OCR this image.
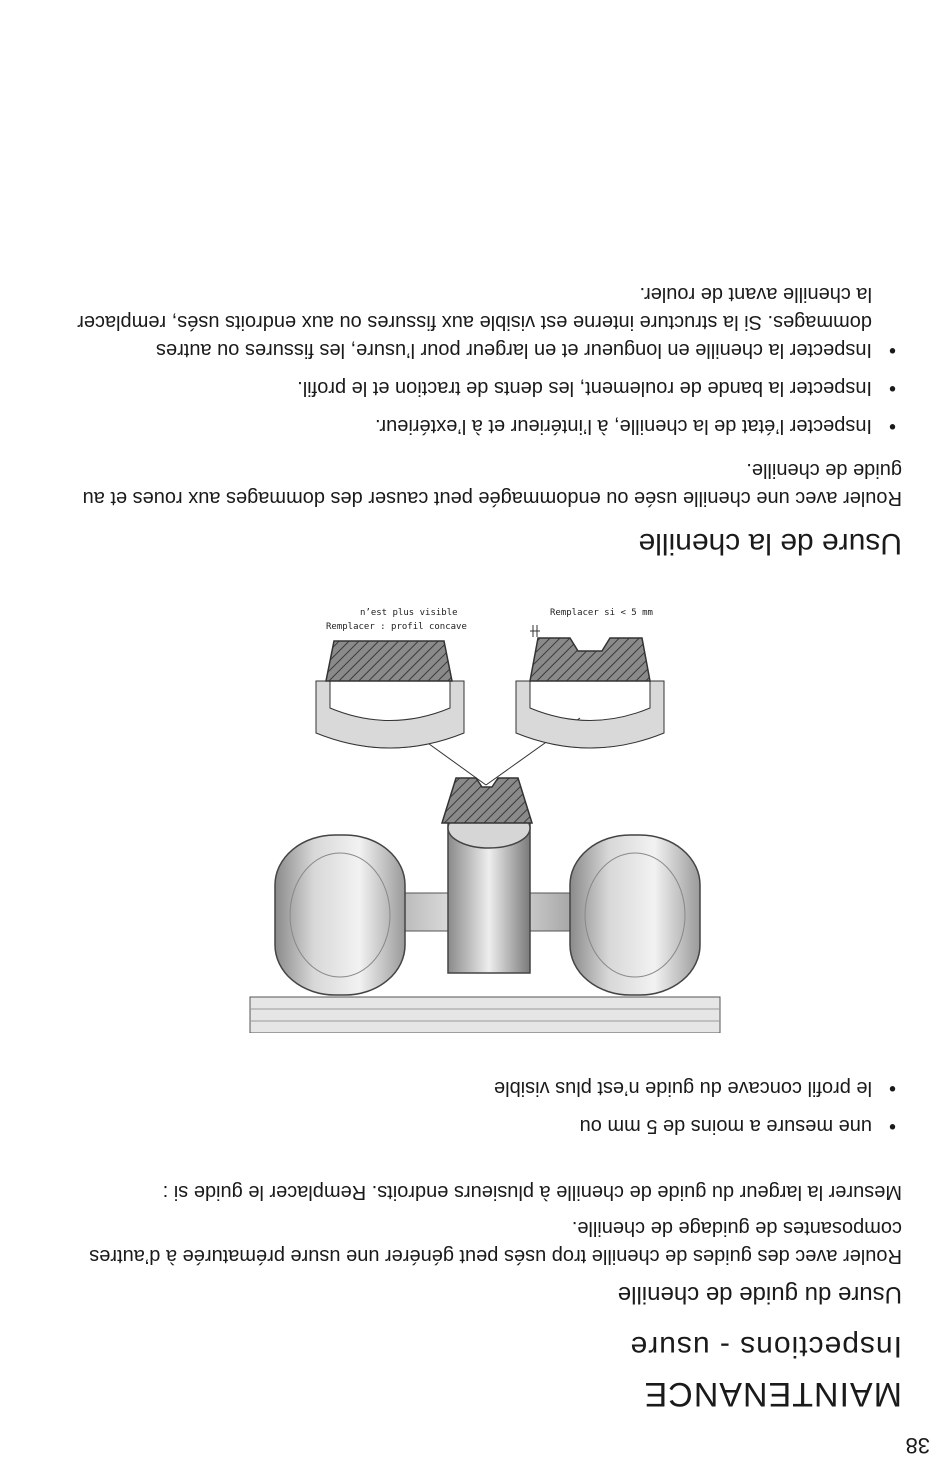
38
MAINTENANCE
Inspections - usure
Usure du guide de chenille

Rouler avec des guides de chenille trop usés peut générer une usure prématurée à d’autres composantes de guidage de chenille.

Mesurer la largeur du guide de chenille à plusieurs endroits. Remplacer le guide si :

• une mesure a moins de 5 mm ou
• le profil concave du guide n’est plus visible
Remplacer si < 5 mm
Remplacer : profil concave
n’est plus visible
Usure de la chenille

Rouler avec une chenille usée ou endommagée peut causer des dommages aux roues et au guide de chenille.

• Inspecter l’état de la chenille, à l’intérieur et à l’extérieur.
• Inspecter la bande de roulement, les dents de traction et le profil.
• Inspecter la chenille en longueur et en largeur pour l’usure, les fissures ou autres dommages. Si la structure interne est visible aux fissures ou aux endroits usés, remplacer la chenille avant de rouler.
